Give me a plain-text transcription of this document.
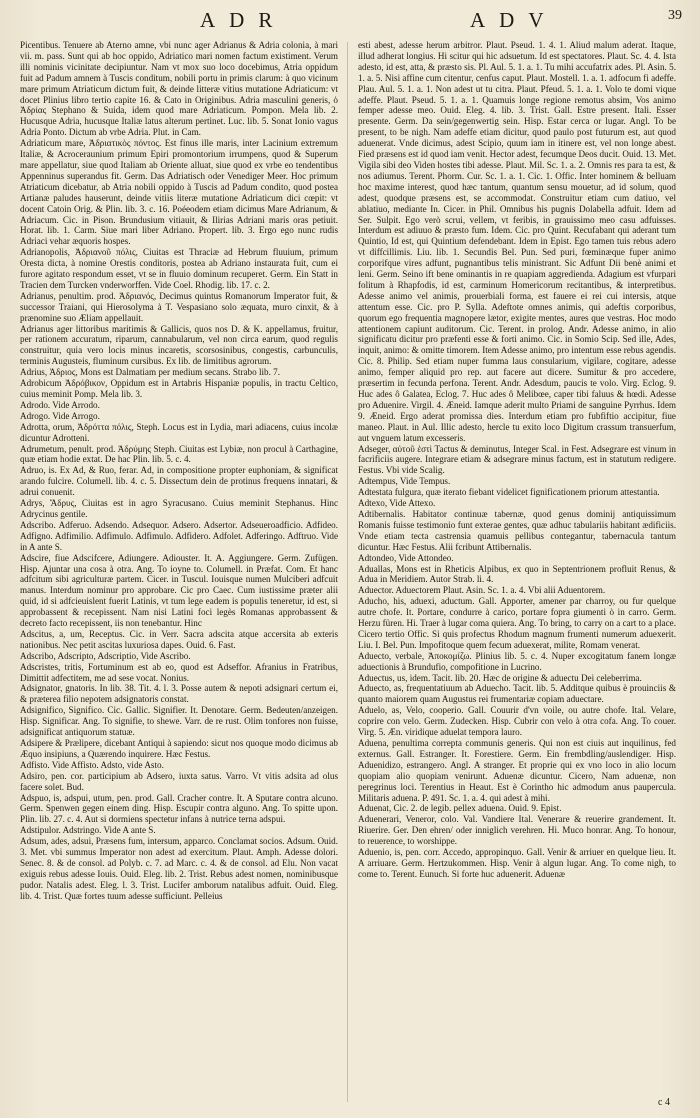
ADR	ADV	39

Picentibus. Tenuere ab Aterno amne, vbi nunc ager Adrianus & Adria colonia, à mari vii. m. pass. Sunt qui ab hoc oppido, Adriatico mari nomen factum existiment. Verum illi nominis vicinitate decipiuntur. Nam vt mox suo loco docebimus, Atria oppidum fuit ad Padum amnem à Tuscis conditum, nobili portu in primis clarum: à quo vicinum mare primum Atriaticum dictum fuit, & deinde litteræ vitius mutatione Adriaticum: vt docet Plinius libro tertio capite 16. & Cato in Originibus. Adria masculini generis, ὁ Ἀδρίας Stephano & Suida, idem quod mare Adriaticum. Pompon. Mela lib. 2. Hucusque Adria, hucusque Italiæ latus alterum pertinet. Luc. lib. 5. Sonat Ionio vagus Adria Ponto. Dictum ab vrbe Adria. Plut. in Cam.

Adriaticum mare, Ἀδριατικὸς πόντος. Est finus ille maris, inter Lacinium extremum Italiæ, & Acroceraunium primum Epiri promontorium irrumpens, quod & Superum mare appellatur, siue quod Italiam ab Oriente alluat, siue quod ex vrbe eo tendentibus Appenninus superandus fit. Germ. Das Adriatisch oder Venediger Meer. Hoc primum Atriaticum dicebatur, ab Atria nobili oppido à Tuscis ad Padum condito, quod postea Artianæ paludes hauserunt, deinde vitiis literæ mutatione Adriaticum dici cœpit: vt docent Catoin Orig. & Plin. lib. 3. c. 16. Poéeodem etiam dicimus Mare Adrianum, & Adriacum. Cic. in Pison. Brundusium vitiauit, & Ilirias Adriani maris oras petiuit. Horat. lib. 1. Carm. Siue mari liber Adriano. Propert. lib. 3. Ergo ego nunc rudis Adriaci vehar æquoris hospes.

Adrianopolis, Ἀδριανοῦ πόλις, Ciuitas est Thraciæ ad Hebrum fluuium, primum Oresta dicta, à nomine Orestis conditoris, postea ab Adriano instaurata fuit, cum ei furore agitato respondum esset, vt se in fluuio dominum recuperet. Germ. Ein Statt in Tracien dem Turcken vnderworffen. Vide Coel. Rhodig. lib. 17. c. 2.

Adrianus, penultim. prod. Ἀδριανός, Decimus quintus Romanorum Imperator fuit, & successor Traiani, qui Hierosolyma à T. Vespasiano solo æquata, muro cinxit, & à prænomine suo Æliam appellauit.

Adrianus ager littoribus maritimis & Gallicis, quos nos D. & K. appellamus, fruitur, per rationem accuratum, riparum, cannabularum, vel non circa earum, quod regulis construitur, quia vero locis minus incaretis, scorsosinibus, congestis, carbunculis, terminis Augusteis, fluminum cursibus. Ex lib. de limitibus agrorum.

Adrius, Ἀδριος, Mons est Dalmatiam per medium secans. Strabo lib. 7.

Adrobicum Ἀδρόβικον, Oppidum est in Artabris Hispaniæ populis, in tractu Celtico, cuius meminit Pomp. Mela lib. 3.

Adrodo. Vide Arrodo.

Adrogo. Vide Arrogo.

Adrotta, orum, Ἀδρόττα πόλις, Steph. Locus est in Lydia, mari adiacens, cuius incolæ dicuntur Adrotteni.

Adrumetum, penult. prod. Ἀδρύμης Steph. Ciuitas est Lybiæ, non procul à Carthagine, quæ etiam hodie extat. De hac Plin. lib. 5. c. 4.

Adruo, is. Ex Ad, & Ruo, ferar. Ad, in compositione propter euphoniam, & significat arando fulcire. Columell. lib. 4. c. 5. Dissectum dein de protinus frequens innatari, & adrui conuenit.

Adrys, Ἄδρυς, Ciuitas est in agro Syracusano. Cuius meminit Stephanus. Hinc Adrycinus gentile.

Adscribo. Adferuo. Adsendo. Adsequor. Adsero. Adsertor. Adseueroadficio. Adfideo. Adfigno. Adfimilio. Adfimulo. Adfimulo. Adfidero. Adfolet. Adferingo. Adftruo. Vide in A ante S.

Adscire, fiue Adscifcere, Adiungere. Adiouster. It. A. Aggiungere. Germ. Zufügen. Hisp. Ajuntar una cosa à otra. Ang. To ioyne to. Columell. in Præfat. Com. Et hanc adfcitum sibi agriculturæ partem. Cicer. in Tuscul. Iouisque numen Mulciberi adfcuit manus. Interdum nominur pro approbare. Cic pro Caec. Cum iustissime præter alii quid, id si adfcieuislent fuerit Latinis, vt tum lege eadem is populis teneretur, id est, si approbassent & recepissent. Nam nisi Latini foci legès Romanas approbassent & decreto facto recepissent, iis non tenebantur. Hinc

Adscitus, a, um, Receptus. Cic. in Verr. Sacra adscita atque accersita ab exteris nationibus. Nec petit ascitas luxuriosa dapes. Ouid. 6. Fast.

Adscribo, Adscripto, Adscriptio, Vide Ascribo.

Adscristes, tritis, Fortuminum est ab eo, quod est Adseffor. Afranius in Fratribus, Dimittit adfectitem, me ad sese vocat. Nonius.

Adsignator, gnatoris. In lib. 38. Tit. 4. l. 3. Posse autem & nepoti adsignari certum ei, & præterea filio nepotem adsignatoris constat.

Adsignifico, Significo. Cic. Gallic. Signifier. It. Denotare. Germ. Bedeuten/anzeigen. Hisp. Significar. Ang. To signifie, to shewe. Varr. de re rust. Olim tonfores non fuisse, adsignificat antiquorum statuæ.

Adsipere & Prælipere, dicebant Antiqui à sapiendo: sicut nos quoque modo dicimus ab Æquo insipiuns, a Quærendo inquirere. Hæc Festus.

Adfisto. Vide Affisto. Adsto, vide Asto.

Adsiro, pen. cor. participium ab Adsero, iuxta satus. Varro. Vt vitis adsita ad olus facere solet. Bud.

Adspuo, is, adspui, utum, pen. prod. Gall. Cracher contre. It. A Sputare contra alcuno. Germ. Spenwen gegen einem ding. Hisp. Escupir contra alguno. Ang. To spitte upon. Plin. lib. 27. c. 4. Aut si dormiens spectetur infans à nutrice terna adspui.

Adstipulor. Adstringo. Vide A ante S.

Adsum, ades, adsui, Præsens fum, intersum, apparco. Conclamat socios. Adsum. Ouid. 3. Met. vbi summus Imperator non adest ad exercitum. Plaut. Amph. Adesse dolori. Senec. 8. & de consol. ad Polyb. c. 7. ad Marc. c. 4. & de consol. ad Elu. Non vacat exiguis rebus adesse Iouis. Ouid. Eleg. lib. 2. Trist. Rebus adest nomen, nominibusque pudor. Natalis adest. Eleg. l. 3. Trist. Lucifer amborum natalibus adfuit. Ouid. Eleg. lib. 4. Trist. Quæ fortes tuum adesse sufficiunt. Pelleius

esti abest, adesse herum arbitror. Plaut. Pseud. 1. 4. 1. Aliud malum aderat. Itaque, illud adherat longius. Hi scitur qui hic adsuetum. Id est spectatores. Plaut. Sc. 4. 4. Ista adesto, id est, atta, & præsto sis. Pl. Aul. 5. 1. a. 1. Tu mihi accufatrix ades. Pl. Asin. 5. 1. a. 5. Nisi affine cum citentur, cenfus caput. Plaut. Mostell. 1. a. 1. adfocum fi adeffe. Plau. Aul. 5. 1. a. 1. Non adest ut tu citra. Plaut. Pfeud. 5. 1. a. 1. Volo te domi vique adeffe. Plaut. Pseud. 5. 1. a. 1. Quamuis longe regione remotus absim, Vos animo femper adesse meo. Ouid. Eleg. 4. lib. 3. Trist. Gall. Estre present. Itali. Esser presente. Germ. Da sein/gegenwertig sein. Hisp. Estar cerca or lugar. Angl. To be present, to be nigh. Nam adeffe etiam dicitur, quod paulo post futurum est, aut quod aduenerat. Vnde dicimus, adest Scipio, quum iam in itinere est, vel non longe abest. Fied præsens est id quod iam venit. Hector adest, fecumque Deos ducit. Ouid. 13. Met. Vigila sibi deo Viden hostes tibi adesse. Plaut. Mil. Sc. 1. a. 2. Omnis res para ta est, & nos adiumus. Terent. Phorm. Cur. Sc. 1. a. 1. Cic. 1. Offic. Inter hominem & belluam hoc maxime interest, quod hæc tantum, quantum sensu mouetur, ad id solum, quod adest, quodque præsens est, se accommodat. Construitur etiam cum datiuo, vel ablatiuo, mediante In. Cicer. in Phil. Omnibus his pugnis Dolabella adfuit. Idem ad Ser. Sulpit. Ego verò scrui, vellem, vt feribis, in grauissimo meo casu adfuisses. Interdum est adiuuo & præsto fum. Idem. Cic. pro Quint. Recufabant qui aderant tum Quintio, Id est, qui Quintium defendebant. Idem in Epist. Ego tamen tuis rebus adero vt diffcillimis. Liu. lib. 1. Secundis Bel. Pun. Sed puri, fœminæque fuper animo corporifque vires adfunt, pugnantibus telis ministrant. Sic Adfunt Dii benè animi et leni. Germ. Seino ift bene ominantis in re quapiam aggredienda. Adagium est vfurpari folitum à Rhapfodis, id est, carminum Homericorum recitantibus, & interpretibus. Adesse animo vel animis, prouerbiali forma, est fauere ei rei cui intersis, atque attentum esse. Cic. pro P. Sylla. Adeftote omnes animis, qui adeftis corporibus, quorum ego frequentia magnopere lætor, exigite mentes, aures que vestras. Hoc modo attentionem capiunt auditorum. Cic. Terent. in prolog. Andr. Adesse animo, in alio significatu dicitur pro præfenti esse & forti animo. Cic. in Somio Scip. Sed ille, Ades, inquit, animo: & omitte timorem. Item Adesse animo, pro intentum esse rebus agendis. Cic. 8. Philip. Sed etiam nuper fumma laus consularium, vigilare, cogitare, adesse animo, femper aliquid pro rep. aut facere aut dicere. Sumitur & pro accedere, præsertim in fecunda perfona. Terent. Andr. Adesdum, paucis te volo. Virg. Eclog. 9. Huc ades ô Galatea, Eclog. 7. Huc ades ô Melibœe, caper tibi faluus & hœdi. Adesse pro Aduenire. Virgil. 4. Æneid. Iamque aderit multo Priami de sanguine Pyrrhus. Idem 9. Æneid. Ergo aderat promissa dies. Interdum etiam pro fubfiftio accipitur, fiue maneo. Plaut. in Aul. Illic adesto, hercle tu exito loco Digitum crassum transuerfum, aut vnguem latum excesseris.

Adseger, αὐτοῦ ἐστὶ Tactus & deminutus, Integer Scal. in Fest. Adsegrare est vinum in facrificiis augere. Integrare etiam & adsegrare minus factum, est in statutum redigere. Festus. Vbi vide Scalig.

Adtempus, Vide Tempus.

Adtestata fulgura, quæ iterato fiebant videlicet fignificationem priorum attestantia.

Adtexo, Vide Attexo.

Adtibernalis. Habitator continuæ tabernæ, quod genus dominij antiquissimum Romanis fuisse testimonio funt exterae gentes, quæ adhuc tabulariis habitant ædificiis. Vnde etiam tecta castrensia quamuis pellibus contegantur, tabernacula tantum dicuntur. Hæc Festus. Alii fcribunt Attibernalis.

Adtondeo, Vide Attondeo.

Aduallas, Mons est in Rheticis Alpibus, ex quo in Septentrionem profluit Renus, & Adua in Meridiem. Autor Strab. li. 4.

Aduector. Aduectorem Plaut. Asin. Sc. 1. a. 4. Vbi alii Aduentorem.

Aducho, his, aduexi, aductum. Gall. Apporter, amener par charroy, ou fur quelque autre chofe. It. Portare, condurre à carico, portare fopra giumenti ò in carro. Germ. Herzu füren. Hi. Traer à lugar coma quiera. Ang. To bring, to carry on a cart to a place. Cicero tertio Offic. Si quis profectus Rhodum magnum frumenti numerum aduexerit. Liu. I. Bel. Pun. Impofitoque quem fecum aduexerat, milite, Romam venerat.

Aduecto, verbale, Ἀποκομίζω. Plinius lib. 5. c. 4. Nuper excogitatum fanem longæ aduectionis à Brundufio, compofitione in Lucrino.

Aduectus, us, idem. Tacit. lib. 20. Hæc de origine & aduectu Dei celeberrima.

Aduecto, as, frequentatiuum ab Aduecho. Tacit. lib. 5. Additque quibus è prouinciis & quanto maiorem quam Augustus rei frumentariæ copiam aduectare.

Aduelo, as, Velo, cooperio. Gall. Couurir d'vn voile, ou autre chofe. Ital. Velare, coprire con velo. Germ. Zudecken. Hisp. Cubrir con velo à otra cofa. Ang. To couer. Virg. 5. Æn. viridique aduelat tempora lauro.

Aduena, penultima correpta communis generis. Qui non est ciuis aut inquilinus, fed externus. Gall. Estranger. It. Forestiere. Germ. Ein frembdling/auslendiger. Hisp. Aduenidizo, estrangero. Angl. A stranger. Et proprie qui ex vno loco in alio locum quopiam alio quopiam venirunt. Aduenæ dicuntur. Cicero, Nam aduenæ, non peregrinus loci. Terentius in Heaut. Est è Corintho hic admodum anus paupercula. Militaris aduena. P. 491. Sc. 1. a. 4. qui adest à mihi.

Aduenat, Cic. 2. de legib. pellex aduena. Ouid. 9. Epist.

Aduenerari, Veneror, colo. Val. Vandiere Ital. Venerare & reuerire grandement. It. Riuerire. Ger. Den ehren/ oder inniglich verehren. Hi. Muco honrar. Ang. To honour, to reuerence, to worshippe.

Aduenio, is, pen. corr. Accedo, appropinquo. Gall. Venir & arriuer en quelque lieu. It. A arriuare. Germ. Hertzukommen. Hisp. Venir à algun lugar. Ang. To come nigh, to come to. Terent. Eunuch. Si forte huc aduenerit. Aduenæ

c 4
